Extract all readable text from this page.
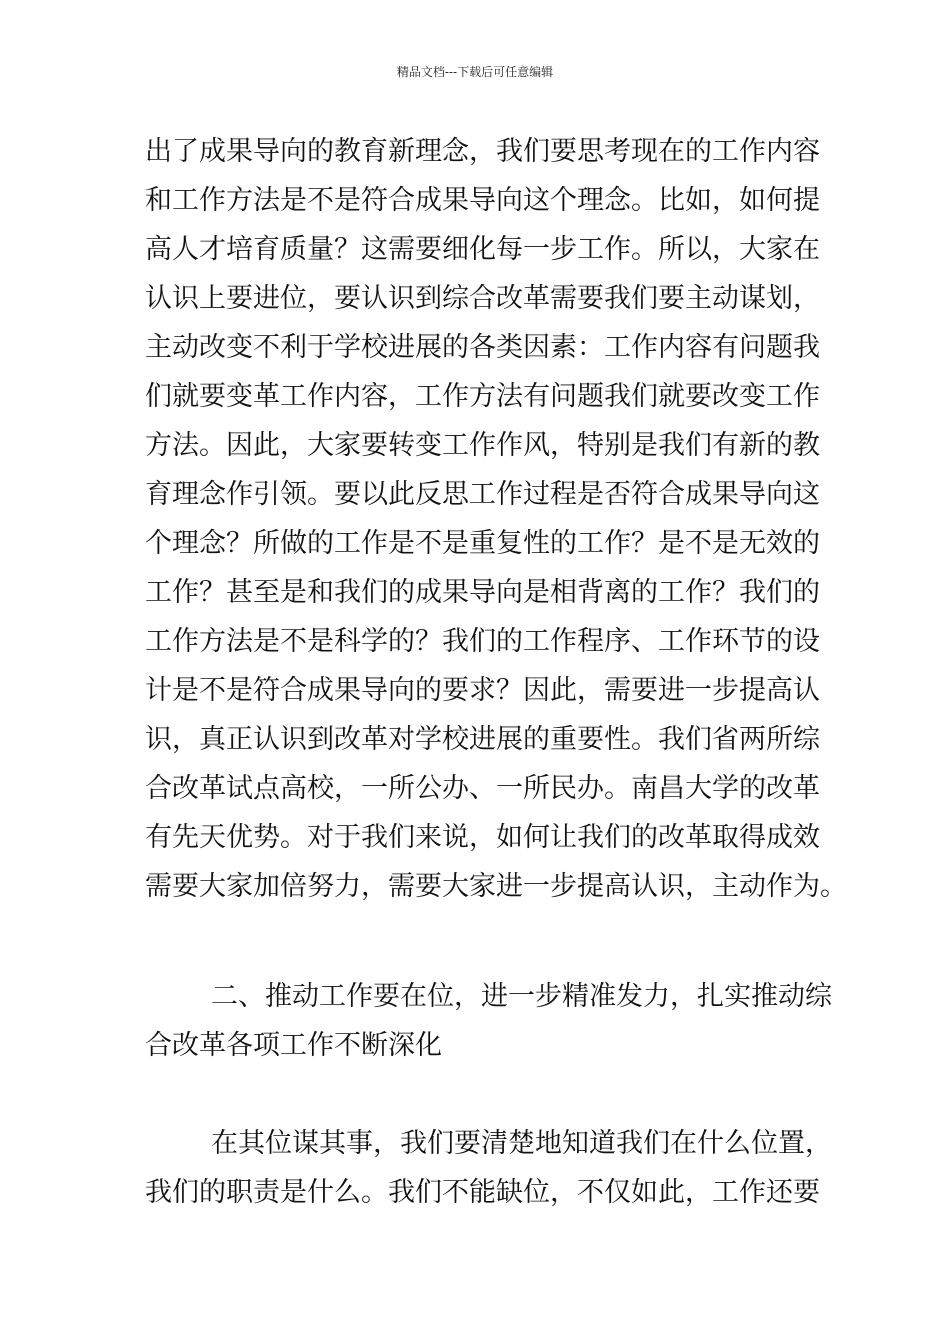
精品文档---下载后可任意编辑
出了成果导向的教育新理念，我们要思考现在的工作内容
和工作方法是不是符合成果导向这个理念。比如，如何提
高人才培育质量？这需要细化每一步工作。所以，大家在
认识上要进位，要认识到综合改革需要我们要主动谋划，
主动改变不利于学校进展的各类因素：工作内容有问题我
们就要变革工作内容，工作方法有问题我们就要改变工作
方法。因此，大家要转变工作作风，特别是我们有新的教
育理念作引领。要以此反思工作过程是否符合成果导向这
个理念？所做的工作是不是重复性的工作？是不是无效的
工作？甚至是和我们的成果导向是相背离的工作？我们的
工作方法是不是科学的？我们的工作程序、工作环节的设
计是不是符合成果导向的要求？因此，需要进一步提高认
识，真正认识到改革对学校进展的重要性。我们省两所综
合改革试点高校，一所公办、一所民办。南昌大学的改革
有先天优势。对于我们来说，如何让我们的改革取得成效
需要大家加倍努力，需要大家进一步提高认识，主动作为。
二、推动工作要在位，进一步精准发力，扎实推动综
合改革各项工作不断深化
在其位谋其事，我们要清楚地知道我们在什么位置，
我们的职责是什么。我们不能缺位，不仅如此，工作还要
